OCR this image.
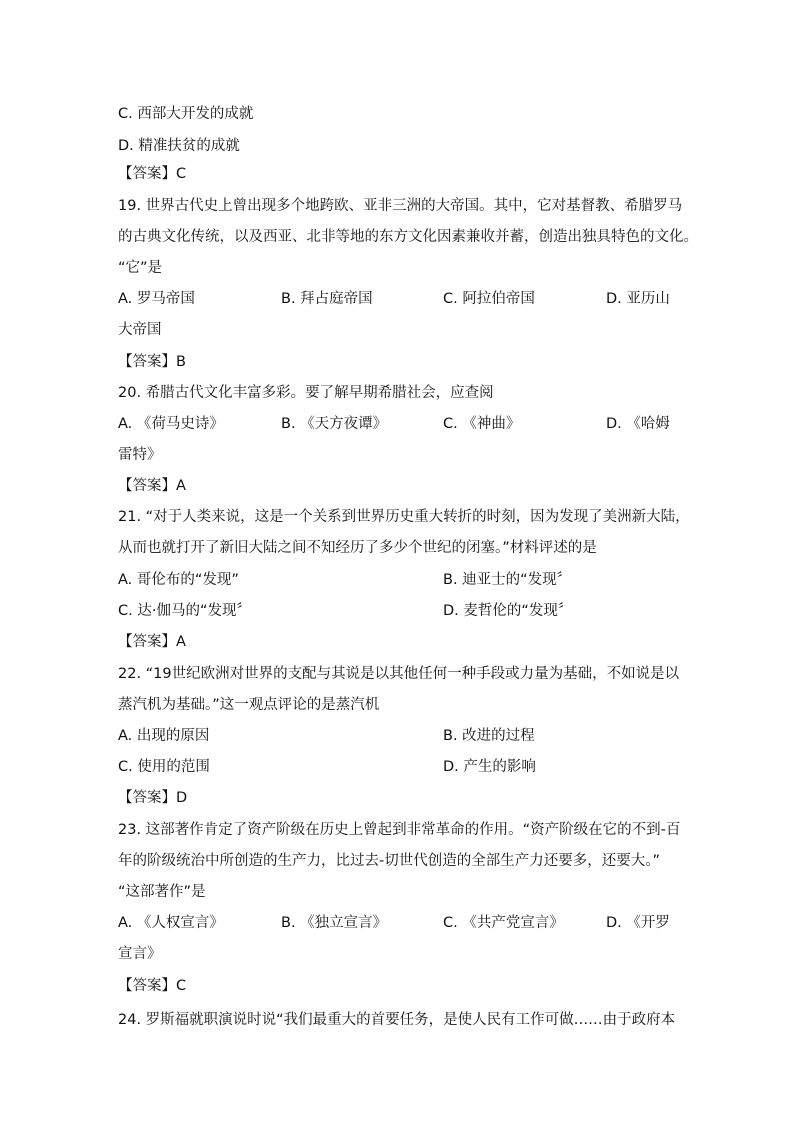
C. 西部大开发的成就
D. 精准扶贫的成就
【答案】C
19. 世界古代史上曾出现多个地跨欧、亚非三洲的大帝国。其中，它对基督教、希腊罗马
的古典文化传统，以及西亚、北非等地的东方文化因素兼收并蓄，创造出独具特色的文化。
“它”是
A. 罗马帝国	B. 拜占庭帝国	C. 阿拉伯帝国	D. 亚历山
大帝国
【答案】B
20. 希腊古代文化丰富多彩。要了解早期希腊社会，应查阅
A. 《荷马史诗》	B. 《天方夜谭》	C. 《神曲》	D. 《哈姆
雷特》
【答案】A
21. “对于人类来说，这是一个关系到世界历史重大转折的时刻，因为发现了美洲新大陆，
从而也就打开了新旧大陆之间不知经历了多少个世纪的闭塞。”材料评述的是
A. 哥伦布的“发现”	B. 迪亚士的“发现〞
C. 达·伽马的“发现〞	D. 麦哲伦的“发现〞
【答案】A
22. “19世纪欧洲对世界的支配与其说是以其他任何一种手段或力量为基础，不如说是以
蒸汽机为基础。”这一观点评论的是蒸汽机
A. 出现的原因	B. 改进的过程
C. 使用的范围	D. 产生的影响
【答案】D
23. 这部著作肯定了资产阶级在历史上曾起到非常革命的作用。“资产阶级在它的不到-百
年的阶级统治中所创造的生产力，比过去-切世代创造的全部生产力还要多，还要大。”
“这部著作”是
A. 《人权宣言》	B. 《独立宣言》	C. 《共产党宣言》	D. 《开罗
宣言》
【答案】C
24. 罗斯福就职演说时说“我们最重大的首要任务，是使人民有工作可做……由于政府本
